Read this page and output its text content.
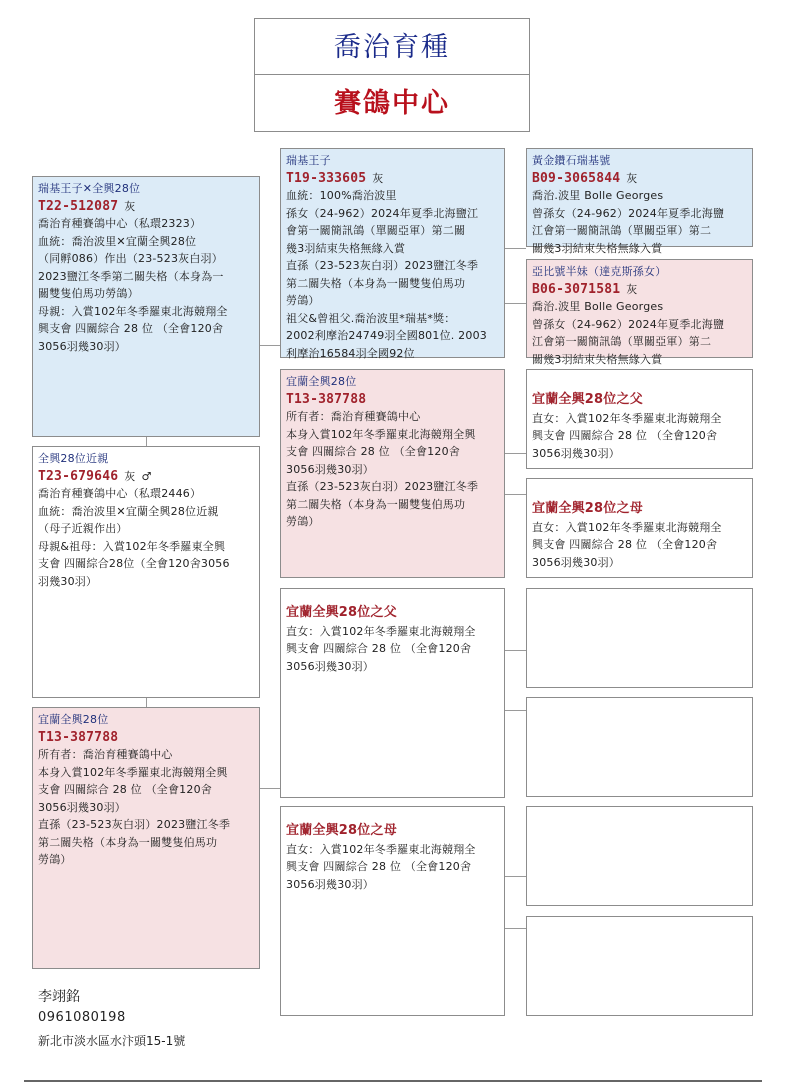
喬治育種
賽鴿中心
瑞基王子✕全興28位
T22-512087 灰
喬治育種賽鴿中心（私環2323）
血統：喬治波里✕宜蘭全興28位
（同孵086）作出（23-523灰白羽）
2023鹽江冬季第二關失格（本身為一
關雙隻伯馬功勞鴿）
母親：入賞102年冬季羅東北海競翔全
興支會 四關綜合 28 位 （全會120舍
3056羽幾30羽）
全興28位近親
T23-679646 灰 ♂
喬治育種賽鴿中心（私環2446）
血統：喬治波里✕宜蘭全興28位近親
（母子近親作出）
母親&祖母：入賞102年冬季羅東全興
支會 四關綜合28位（全會120舍3056
羽幾30羽）
宜蘭全興28位
T13-387788
所有者：喬治育種賽鴿中心
本身入賞102年冬季羅東北海競翔全興
支會 四關綜合 28 位 （全會120舍
3056羽幾30羽）
直孫（23-523灰白羽）2023鹽江冬季
第二關失格（本身為一關雙隻伯馬功
勞鴿）
瑞基王子
T19-333605 灰
血統：100%喬治波里
孫女（24-962）2024年夏季北海鹽江
會第一關簡訊鴿（單關亞軍）第二關
幾3羽結束失格無緣入賞
直孫（23-523灰白羽）2023鹽江冬季
第二關失格（本身為一關雙隻伯馬功
勞鴿）
祖父&曾祖父.喬治波里*瑞基*獎：
2002利摩治24749羽全國801位. 2003
利摩治16584羽全國92位
宜蘭全興28位
T13-387788
所有者：喬治育種賽鴿中心
本身入賞102年冬季羅東北海競翔全興
支會 四關綜合 28 位 （全會120舍
3056羽幾30羽）
直孫（23-523灰白羽）2023鹽江冬季
第二關失格（本身為一關雙隻伯馬功
勞鴿）
宜蘭全興28位之父
直女：入賞102年冬季羅東北海競翔全
興支會 四關綜合 28 位 （全會120舍
3056羽幾30羽）
宜蘭全興28位之母
直女：入賞102年冬季羅東北海競翔全
興支會 四關綜合 28 位 （全會120舍
3056羽幾30羽）
黃金鑽石瑞基號
B09-3065844 灰
喬治.波里 Bolle Georges
曾孫女（24-962）2024年夏季北海鹽
江會第一關簡訊鴿（單關亞軍）第二
關幾3羽結束失格無緣入賞
亞比號半妹（達克斯孫女）
B06-3071581 灰
喬治.波里 Bolle Georges
曾孫女（24-962）2024年夏季北海鹽
江會第一關簡訊鴿（單關亞軍）第二
關幾3羽結束失格無緣入賞
宜蘭全興28位之父
直女：入賞102年冬季羅東北海競翔全
興支會 四關綜合 28 位 （全會120舍
3056羽幾30羽）
宜蘭全興28位之母
直女：入賞102年冬季羅東北海競翔全
興支會 四關綜合 28 位 （全會120舍
3056羽幾30羽）
李翊銘
0961080198
新北市淡水區水汴頭15-1號
